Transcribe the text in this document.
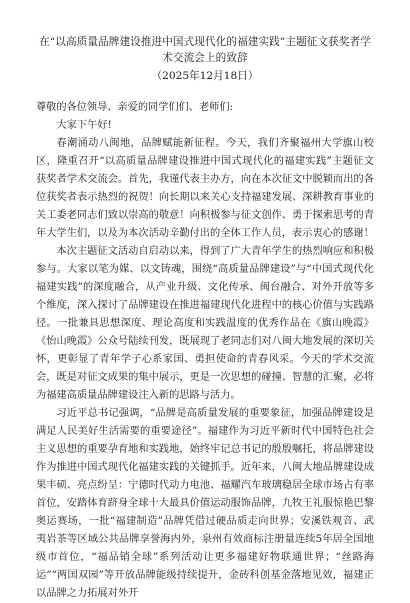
在“以高质量品牌建设推进中国式现代化的福建实践”主题征文获奖者学术交流会上的致辞
（2025年12月18日）

尊敬的各位领导、亲爱的同学们们、老师们:

大家下午好!

春潮涌动八闽地，品牌赋能新征程。今天，我们齐聚福州大学旗山校区，隆重召开“以高质量品牌建设推进中国式现代化的福建实践”主题征文获奖者学术交流会。首先，我谨代表主办方，向在本次征文中脱颖而出的各位获奖者表示热烈的祝贺！向长期以来关心支持福建发展、深耕教育事业的关工委老同志们致以崇高的敬意！向积极参与征文创作、勇于探索思考的青年大学生们，以及为本次活动辛勤付出的全体工作人员，表示衷心的感谢！

本次主题征文活动自启动以来，得到了广大青年学生的热烈响应和积极参与。大家以笔为媒、以文铸魂，围绕“高质量品牌建设”与“中国式现代化福建实践”的深度融合，从产业升级、文化传承、闽台融合、对外开放等多个维度，深入探讨了品牌建设在推进福建现代化进程中的核心价值与实践路径。一批兼具思想深度、理论高度和实践温度的优秀作品在《旗山晚霞》《怡山晚霞》公众号陆续刊发，既展现了老同志们对八闽大地发展的深切关怀，更彰显了青年学子心系家国、勇担使命的青春风采。今天的学术交流会，既是对征文成果的集中展示，更是一次思想的碰撞、智慧的汇聚，必将为福建高质量品牌建设注入新的思路与活力。

习近平总书记强调，“品牌是高质量发展的重要象征，加强品牌建设是满足人民美好生活需要的重要途径”。福建作为习近平新时代中国特色社会主义思想的重要孕育地和实践地，始终牢记总书记的殷殷嘱托，将品牌建设作为推进中国式现代化福建实践的关键抓手。近年来，八闽大地品牌建设成果丰硕、亮点纷呈：宁德时代动力电池、福耀汽车玻璃稳居全球市场占有率首位，安踏体育跻身全球十大最具价值运动服饰品牌，九牧王礼服惊艳巴黎奥运赛场，一批“福建制造”品牌凭借过硬品质走向世界；安溪铁观音、武夷岩茶等区域公共品牌享誉海内外，泉州有效商标注册量连续5年居全国地级市首位，“福品销全球”系列活动让更多福建好物联通世界；“丝路海运”“两国双园”等开放品牌能级持续提升，金砖科创基金落地见效，福建正以品牌之力拓展对外开
